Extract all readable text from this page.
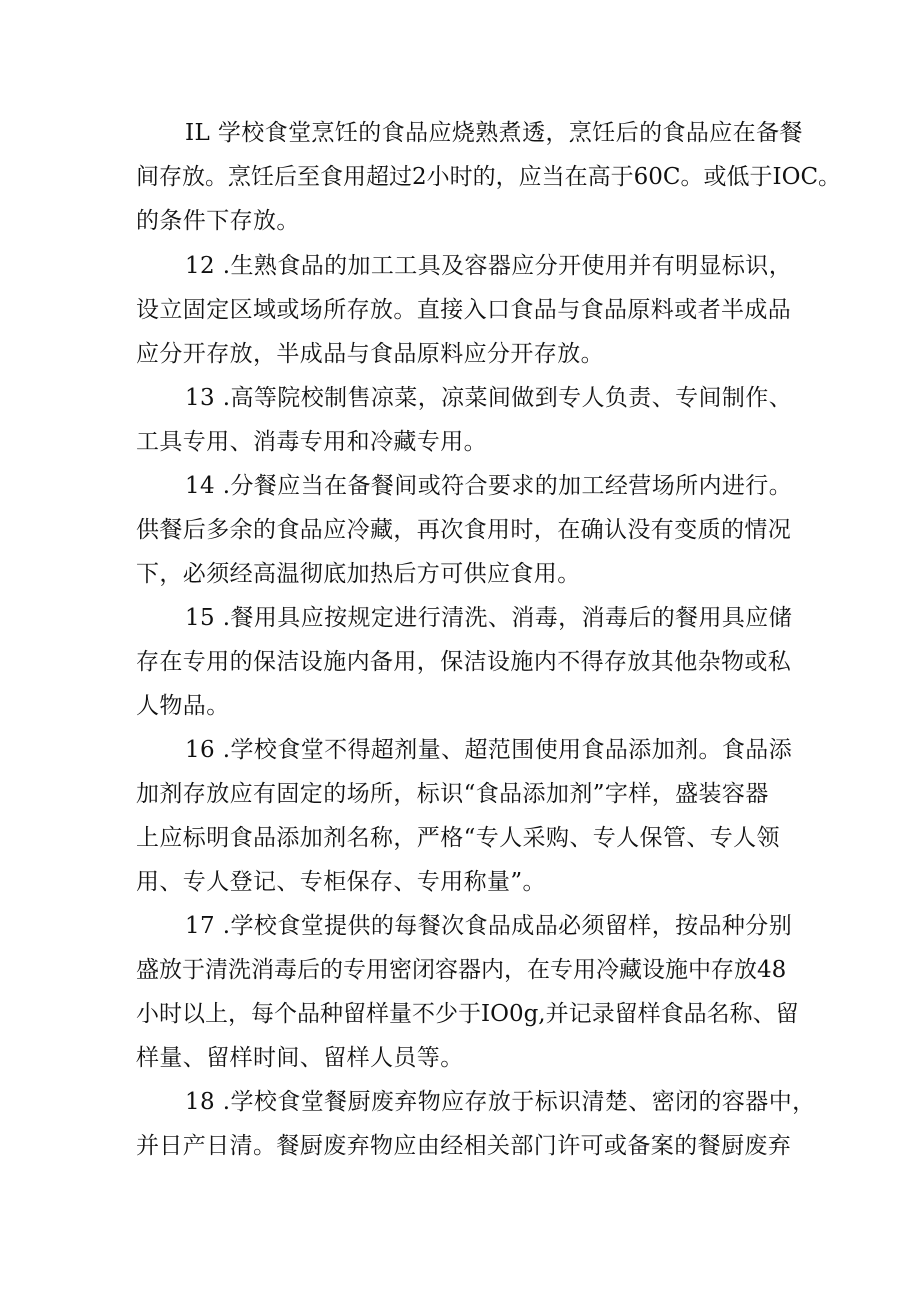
IL 学校食堂烹饪的食品应烧熟煮透，烹饪后的食品应在备餐
间存放。烹饪后至食用超过2小时的，应当在高于60C。或低于IOC。
的条件下存放。
12 .生熟食品的加工工具及容器应分开使用并有明显标识，
设立固定区域或场所存放。直接入口食品与食品原料或者半成品
应分开存放，半成品与食品原料应分开存放。
13 .高等院校制售凉菜，凉菜间做到专人负责、专间制作、
工具专用、消毒专用和冷藏专用。
14 .分餐应当在备餐间或符合要求的加工经营场所内进行。
供餐后多余的食品应冷藏，再次食用时，在确认没有变质的情况
下，必须经高温彻底加热后方可供应食用。
15 .餐用具应按规定进行清洗、消毒，消毒后的餐用具应储
存在专用的保洁设施内备用，保洁设施内不得存放其他杂物或私
人物品。
16 .学校食堂不得超剂量、超范围使用食品添加剂。食品添
加剂存放应有固定的场所，标识“食品添加剂”字样，盛装容器
上应标明食品添加剂名称，严格“专人采购、专人保管、专人领
用、专人登记、专柜保存、专用称量”。
17 .学校食堂提供的每餐次食品成品必须留样，按品种分别
盛放于清洗消毒后的专用密闭容器内，在专用冷藏设施中存放48
小时以上，每个品种留样量不少于IO0g,并记录留样食品名称、留
样量、留样时间、留样人员等。
18 .学校食堂餐厨废弃物应存放于标识清楚、密闭的容器中，
并日产日清。餐厨废弃物应由经相关部门许可或备案的餐厨废弃
